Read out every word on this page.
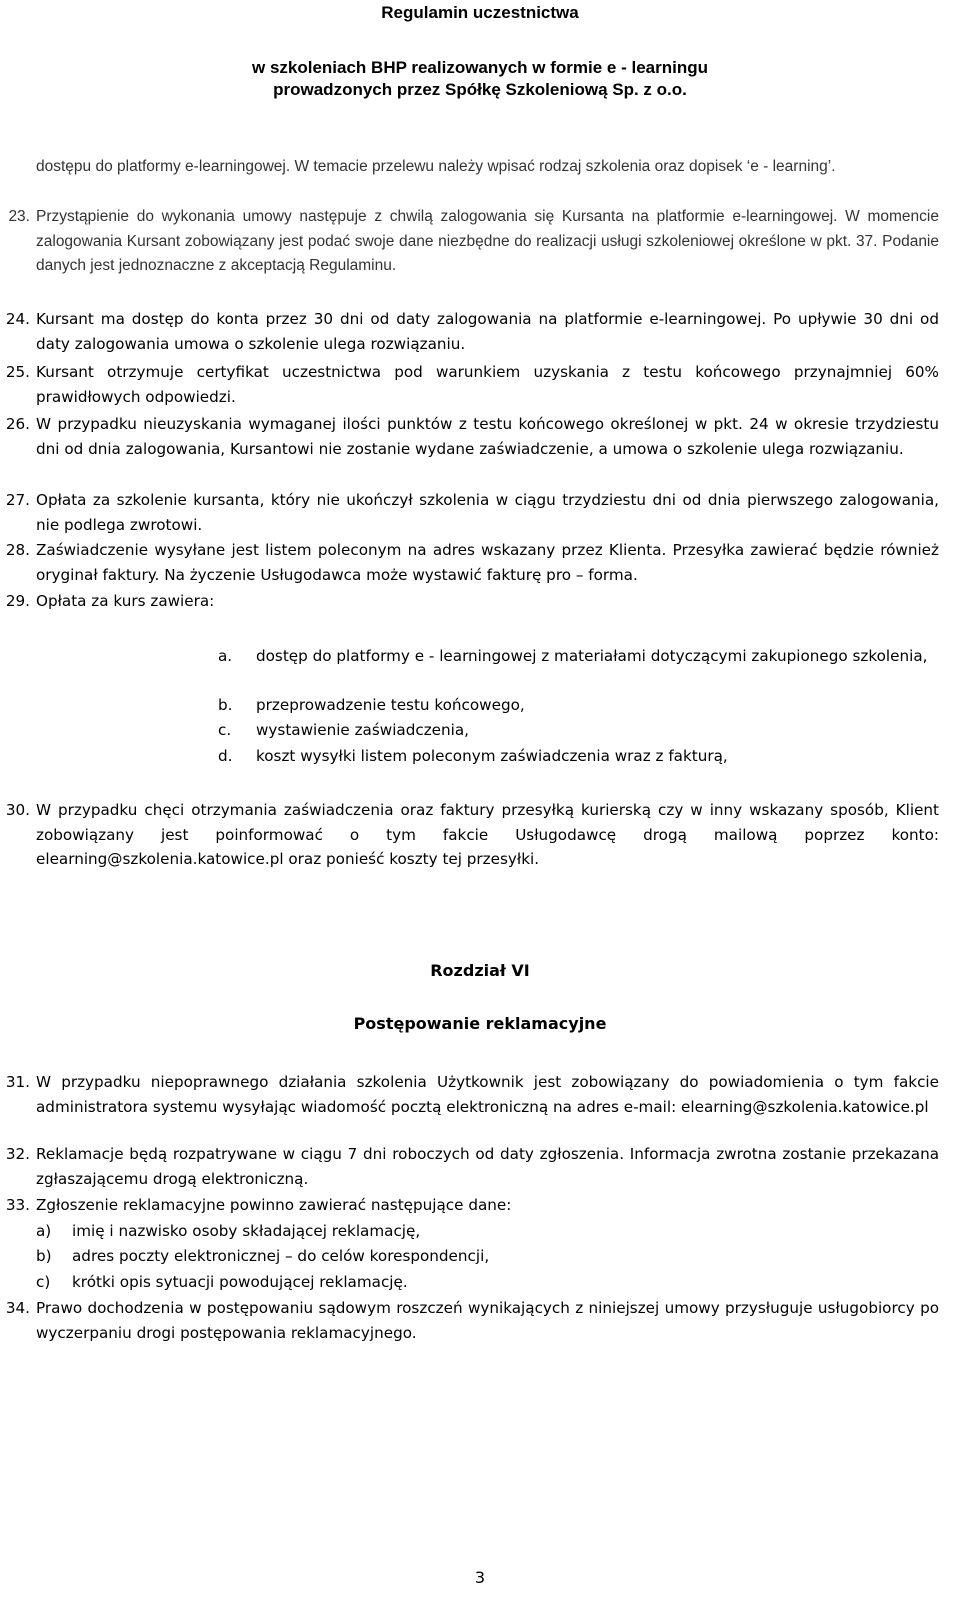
Regulamin uczestnictwa
w szkoleniach BHP realizowanych w formie e - learningu
prowadzonych przez Spółkę Szkoleniową Sp. z o.o.
dostępu do platformy e-learningowej. W temacie przelewu należy wpisać rodzaj szkolenia oraz dopisek ‘e - learning’.
23. Przystąpienie do wykonania umowy następuje z chwilą zalogowania się Kursanta na platformie e-learningowej. W momencie zalogowania Kursant zobowiązany jest podać swoje dane niezbędne do realizacji usługi szkoleniowej określone w pkt. 37. Podanie danych jest jednoznaczne z akceptacją Regulaminu.
24. Kursant ma dostęp do konta przez 30 dni od daty zalogowania na platformie e-learningowej. Po upływie 30 dni od daty zalogowania umowa o szkolenie ulega rozwiązaniu.
25. Kursant otrzymuje certyfikat uczestnictwa pod warunkiem uzyskania z testu końcowego przynajmniej 60% prawidłowych odpowiedzi.
26. W przypadku nieuzyskania wymaganej ilości punktów z testu końcowego określonej w pkt. 24 w okresie trzydziestu dni od dnia zalogowania, Kursantowi nie zostanie wydane zaświadczenie, a umowa o szkolenie ulega rozwiązaniu.
27. Opłata za szkolenie kursanta, który nie ukończył szkolenia w ciągu trzydziestu dni od dnia pierwszego zalogowania, nie podlega zwrotowi.
28. Zaświadczenie wysyłane jest listem poleconym na adres wskazany przez Klienta. Przesyłka zawierać będzie również oryginał faktury. Na życzenie Usługodawca może wystawić fakturę pro – forma.
29. Opłata za kurs zawiera:
a. dostęp do platformy e - learningowej z materiałami dotyczącymi zakupionego szkolenia,
b. przeprowadzenie testu końcowego,
c. wystawienie zaświadczenia,
d. koszt wysyłki listem poleconym zaświadczenia wraz z fakturą,
30. W przypadku chęci otrzymania zaświadczenia oraz faktury przesyłką kurierską czy w inny wskazany sposób, Klient zobowiązany jest poinformować o tym fakcie Usługodawcę drogą mailową poprzez konto: elearning@szkolenia.katowice.pl oraz ponieść koszty tej przesyłki.
Rozdział VI
Postępowanie reklamacyjne
31. W przypadku niepoprawnego działania szkolenia Użytkownik jest zobowiązany do powiadomienia o tym fakcie administratora systemu wysyłając wiadomość pocztą elektroniczną na adres e-mail: elearning@szkolenia.katowice.pl
32. Reklamacje będą rozpatrywane w ciągu 7 dni roboczych od daty zgłoszenia. Informacja zwrotna zostanie przekazana zgłaszającemu drogą elektroniczną.
33. Zgłoszenie reklamacyjne powinno zawierać następujące dane:
a) imię i nazwisko osoby składającej reklamację,
b) adres poczty elektronicznej – do celów korespondencji,
c) krótki opis sytuacji powodującej reklamację.
34. Prawo dochodzenia w postępowaniu sądowym roszczeń wynikających z niniejszej umowy przysługuje usługobiorcy po wyczerpaniu drogi postępowania reklamacyjnego.
3
